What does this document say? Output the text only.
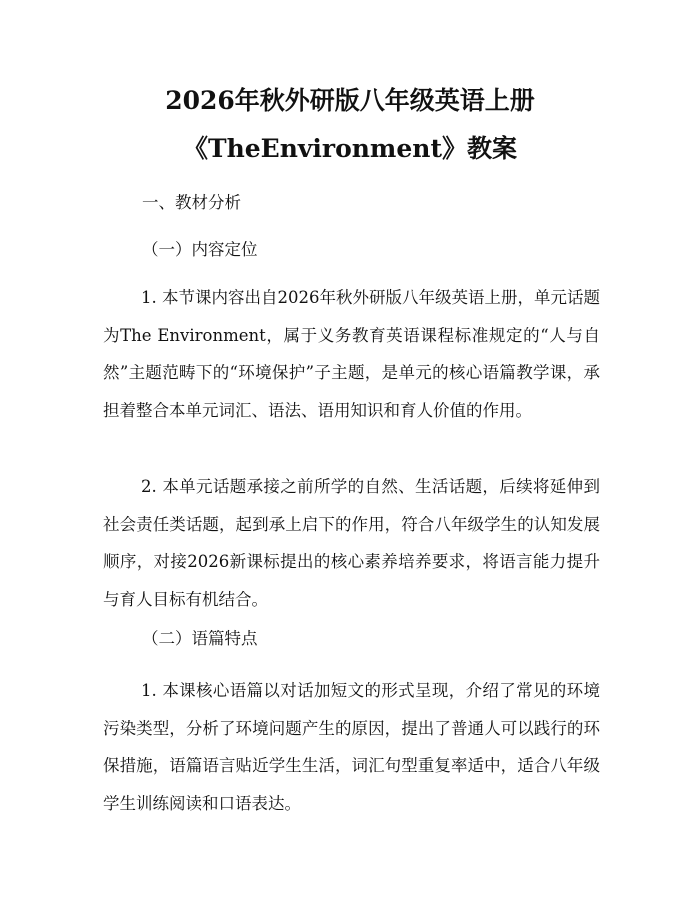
2026年秋外研版八年级英语上册
《TheEnvironment》教案

一、教材分析

（一）内容定位

1. 本节课内容出自2026年秋外研版八年级英语上册，单元话题为The Environment，属于义务教育英语课程标准规定的“人与自然”主题范畴下的“环境保护”子主题，是单元的核心语篇教学课，承担着整合本单元词汇、语法、语用知识和育人价值的作用。

2. 本单元话题承接之前所学的自然、生活话题，后续将延伸到社会责任类话题，起到承上启下的作用，符合八年级学生的认知发展顺序，对接2026新课标提出的核心素养培养要求，将语言能力提升与育人目标有机结合。

（二）语篇特点

1. 本课核心语篇以对话加短文的形式呈现，介绍了常见的环境污染类型，分析了环境问题产生的原因，提出了普通人可以践行的环保措施，语篇语言贴近学生生活，词汇句型重复率适中，适合八年级学生训练阅读和口语表达。
